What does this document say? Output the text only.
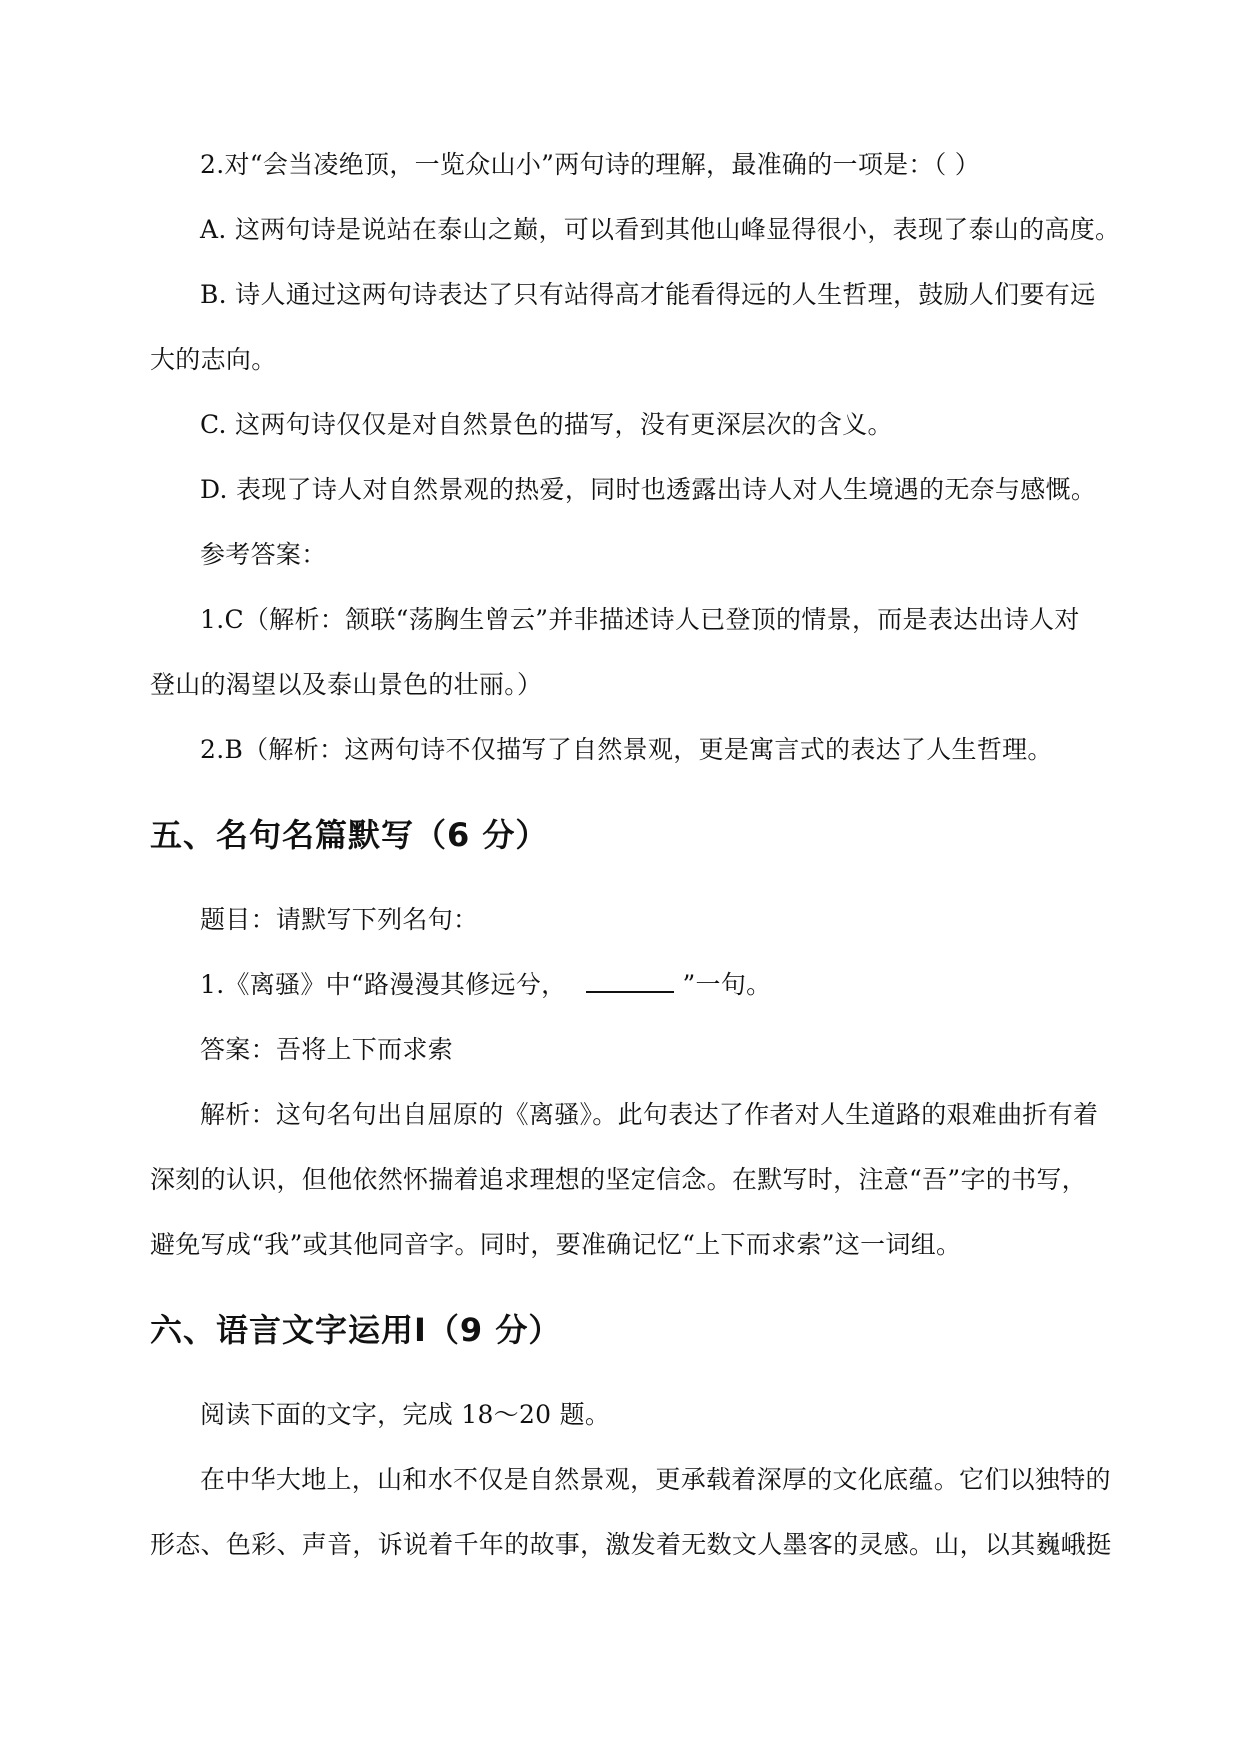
2.对“会当凌绝顶，一览众山小”两句诗的理解，最准确的一项是：（ ）
A. 这两句诗是说站在泰山之巅，可以看到其他山峰显得很小，表现了泰山的高度。
B. 诗人通过这两句诗表达了只有站得高才能看得远的人生哲理，鼓励人们要有远
大的志向。
C. 这两句诗仅仅是对自然景色的描写，没有更深层次的含义。
D. 表现了诗人对自然景观的热爱，同时也透露出诗人对人生境遇的无奈与感慨。
参考答案：
1.C（解析：颔联“荡胸生曾云”并非描述诗人已登顶的情景，而是表达出诗人对
登山的渴望以及泰山景色的壮丽。）
2.B（解析：这两句诗不仅描写了自然景观，更是寓言式的表达了人生哲理。
五、名句名篇默写（6 分）
题目：请默写下列名句：
1.《离骚》中“路漫漫其修远兮，	”一句。
答案：吾将上下而求索
解析：这句名句出自屈原的《离骚》。此句表达了作者对人生道路的艰难曲折有着
深刻的认识，但他依然怀揣着追求理想的坚定信念。在默写时，注意“吾”字的书写，
避免写成“我”或其他同音字。同时，要准确记忆“上下而求索”这一词组。
六、语言文字运用Ⅰ（9 分）
阅读下面的文字，完成 18～20 题。
在中华大地上，山和水不仅是自然景观，更承载着深厚的文化底蕴。它们以独特的
形态、色彩、声音，诉说着千年的故事，激发着无数文人墨客的灵感。山，以其巍峨挺
